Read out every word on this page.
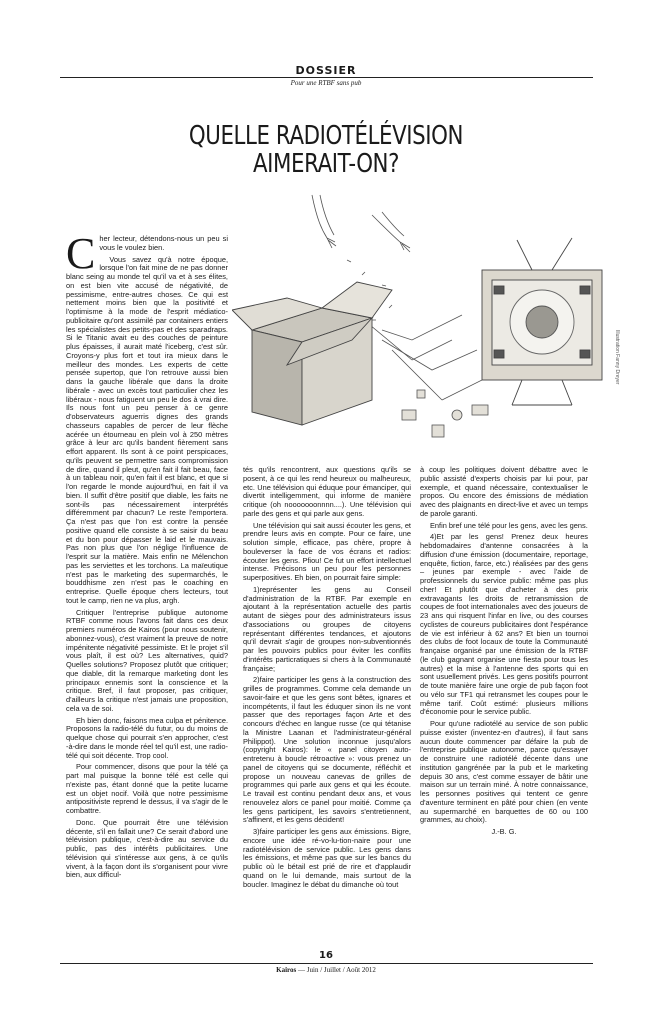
DOSSIER
Pour une RTBF sans pub
QUELLE RADIOTÉLÉVISION
AIMERAIT-ON?
Illustration Fanny Dreyer

Cher lecteur, détendons-nous un peu si vous le voulez bien.

Vous savez qu'à notre époque, lorsque l'on fait mine de ne pas donner blanc seing au monde tel qu'il va et à ses élites, on est bien vite accusé de négativité, de pessimisme, entre-autres choses. Ce qui est nettement moins bien que la positivité et l'optimisme à la mode de l'esprit médiatico-publicitaire qu'ont assimilé par containers entiers les spécialistes des petits-pas et des sparadraps. Si le Titanic avait eu des couches de peinture plus épaisses, il aurait maté l'iceberg, c'est sûr. Croyons-y plus fort et tout ira mieux dans le meilleur des mondes. Les experts de cette pensée supertop, que l'on retrouve aussi bien dans la gauche libérale que dans la droite libérale - avec un excès tout particulier chez les libéraux - nous fatiguent un peu le dos à vrai dire. Ils nous font un peu penser à ce genre d'observateurs aguerris dignes des grands chasseurs capables de percer de leur flèche acérée un étourneau en plein vol à 250 mètres grâce à leur arc qu'ils bandent fièrement sans effort apparent. Ils sont à ce point perspicaces, qu'ils peuvent se permettre sans compromission de dire, quand il pleut, qu'en fait il fait beau, face à un tableau noir, qu'en fait il est blanc, et que si l'on regarde le monde aujourd'hui, en fait il va bien. Il suffit d'être positif que diable, les faits ne sont-ils pas nécessairement interprétés différemment par chacun? Le reste l'emportera. Ça n'est pas que l'on est contre la pensée positive quand elle consiste à se saisir du beau et du bon pour dépasser le laid et le mauvais. Pas non plus que l'on néglige l'influence de l'esprit sur la matière. Mais enfin ne Mélenchon pas les serviettes et les torchons. La maïeutique n'est pas le marketing des supermarchés, le bouddhisme zen n'est pas le coaching en entreprise. Quelle époque chers lecteurs, tout tout le camp, rien ne va plus, argh.

Critiquer l'entreprise publique autonome RTBF comme nous l'avons fait dans ces deux premiers numéros de Kairos (pour nous soutenir, abonnez-vous), c'est vraiment la preuve de notre impénitente négativité pessimiste. Et le projet s'il vous plaît, il est où? Les alternatives, quid? Quelles solutions? Proposez plutôt que critiquer; que diable, dit la remarque marketing dont les principaux ennemis sont la conscience et la critique. Bref, il faut proposer, pas critiquer, d'ailleurs la critique n'est jamais une proposition, cela va de soi.

Eh bien donc, faisons mea culpa et pénitence. Proposons la radio-télé du futur, ou du moins de quelque chose qui pourrait s'en approcher, c'est -à-dire dans le monde réel tel qu'il est, une radio-télé qui soit décente. Trop cool.

Pour commencer, disons que pour la télé ça part mal puisque la bonne télé est celle qui n'existe pas, étant donné que la petite lucarne est un objet nocif. Voilà que notre pessimisme antipositiviste reprend le dessus, il va s'agir de le combattre.

Donc. Que pourrait être une télévision décente, s'il en fallait une? Ce serait d'abord une télévision publique, c'est-à-dire au service du public, pas des intérêts publicitaires. Une télévision qui s'intéresse aux gens, à ce qu'ils vivent, à la façon dont ils s'organisent pour vivre bien, aux difficul-

tés qu'ils rencontrent, aux questions qu'ils se posent, à ce qui les rend heureux ou malheureux, etc. Une télévision qui éduque pour émanciper, qui divertit intelligemment, qui informe de manière critique (oh nooooooonnnn....). Une télévision qui parle des gens et qui parle aux gens.

Une télévision qui sait aussi écouter les gens, et prendre leurs avis en compte. Pour ce faire, une solution simple, efficace, pas chère, propre à bouleverser la face de vos écrans et radios: écouter les gens. Pfiou! Ce fut un effort intellectuel intense. Précisons un peu pour les personnes superpositives. Eh bien, on pourrait faire simple:

1)représenter les gens au Conseil d'administration de la RTBF. Par exemple en ajoutant à la représentation actuelle des partis autant de sièges pour des administrateurs issus d'associations ou groupes de citoyens représentant différentes tendances, et ajoutons qu'il devrait s'agir de groupes non-subventionnés par les pouvoirs publics pour éviter les conflits d'intérêts particratiques si chers à la Communauté française;

2)faire participer les gens à la construction des grilles de programmes. Comme cela demande un savoir-faire et que les gens sont bêtes, ignares et incompétents, il faut les éduquer sinon ils ne vont passer que des reportages façon Arte et des concours d'échec en langue russe (ce qui tétanise la Ministre Laanan et l'administrateur-général Philippot). Une solution inconnue jusqu'alors (copyright Kairos): le « panel citoyen auto-entretenu à boucle rétroactive »: vous prenez un panel de citoyens qui se documente, réfléchit et propose un nouveau canevas de grilles de programmes qui parle aux gens et qui les écoute. Le travail est continu pendant deux ans, et vous renouvelez alors ce panel pour moitié. Comme ça les gens participent, les savoirs s'entretiennent, s'affinent, et les gens décident!

3)faire participer les gens aux émissions. Bigre, encore une idée ré-vo-lu-tion-naire pour une radiotélévision de service public. Les gens dans les émissions, et même pas que sur les bancs du public où le bétail est prié de rire et d'applaudir quand on le lui demande, mais surtout de la boucler. Imaginez le débat du dimanche où tout

à coup les politiques doivent débattre avec le public assisté d'experts choisis par lui pour, par exemple, et quand nécessaire, contextualiser le propos. Ou encore des émissions de médiation avec des plaignants en direct-live et avec un temps de parole garanti.

Enfin bref une télé pour les gens, avec les gens.

4)Et par les gens! Prenez deux heures hebdomadaires d'antenne consacrées à la diffusion d'une émission (documentaire, reportage, enquête, fiction, farce, etc.) réalisées par des gens – jeunes par exemple - avec l'aide de professionnels du service public: même pas plus cher! Et plutôt que d'acheter à des prix extravagants les droits de retransmission de coupes de foot internationales avec des joueurs de 23 ans qui risquent l'infar en live, ou des courses cyclistes de coureurs publicitaires dont l'espérance de vie est inférieur à 62 ans? Et bien un tournoi des clubs de foot locaux de toute la Communauté française organisé par une émission de la RTBF (le club gagnant organise une fiesta pour tous les autres) et la mise à l'antenne des sports qui en sont usuellement privés. Les gens positifs pourront de toute manière faire une orgie de pub façon foot ou vélo sur TF1 qui retransmet les coupes pour le même tarif. Coût estimé: plusieurs millions d'économie pour le service public.

Pour qu'une radiotélé au service de son public puisse exister (inventez-en d'autres), il faut sans aucun doute commencer par défaire la pub de l'entreprise publique autonome, parce qu'essayer de construire une radiotélé décente dans une institution gangrénée par la pub et le marketing depuis 30 ans, c'est comme essayer de bâtir une maison sur un terrain miné. À notre connaissance, les personnes positives qui tentent ce genre d'aventure terminent en pâté pour chien (en vente au supermarché en barquettes de 60 ou 100 grammes, au choix).

J.-B. G.
16
Kairos — Juin / Juillet / Août 2012
